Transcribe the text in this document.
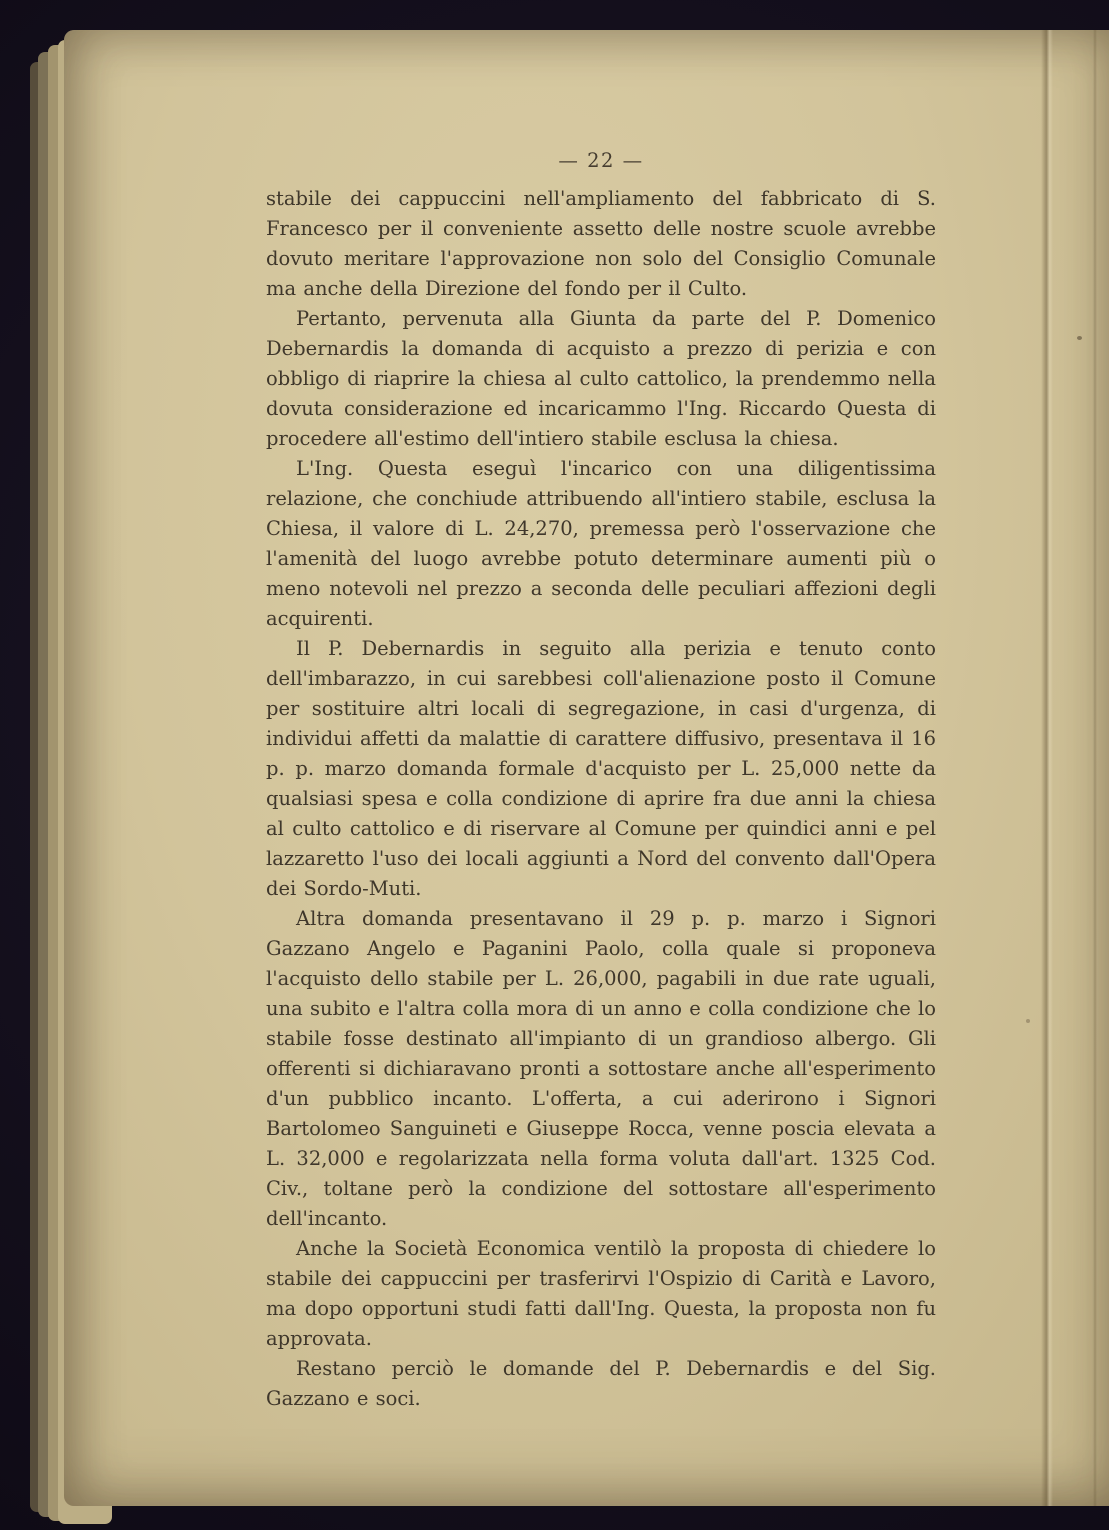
— 22 —

stabile dei cappuccini nell'ampliamento del fabbricato di S. Francesco per il conveniente assetto delle nostre scuole avrebbe dovuto meritare l'approvazione non solo del Consiglio Comunale ma anche della Direzione del fondo per il Culto.

Pertanto, pervenuta alla Giunta da parte del P. Domenico Debernardis la domanda di acquisto a prezzo di perizia e con obbligo di riaprire la chiesa al culto cattolico, la prendemmo nella dovuta considerazione ed incaricammo l'Ing. Riccardo Questa di procedere all'estimo dell'intiero stabile esclusa la chiesa.

L'Ing. Questa eseguì l'incarico con una diligentissima relazione, che conchiude attribuendo all'intiero stabile, esclusa la Chiesa, il valore di L. 24,270, premessa però l'osservazione che l'amenità del luogo avrebbe potuto determinare aumenti più o meno notevoli nel prezzo a seconda delle peculiari affezioni degli acquirenti.

Il P. Debernardis in seguito alla perizia e tenuto conto dell'imbarazzo, in cui sarebbesi coll'alienazione posto il Comune per sostituire altri locali di segregazione, in casi d'urgenza, di individui affetti da malattie di carattere diffusivo, presentava il 16 p. p. marzo domanda formale d'acquisto per L. 25,000 nette da qualsiasi spesa e colla condizione di aprire fra due anni la chiesa al culto cattolico e di riservare al Comune per quindici anni e pel lazzaretto l'uso dei locali aggiunti a Nord del convento dall'Opera dei Sordo-Muti.

Altra domanda presentavano il 29 p. p. marzo i Signori Gazzano Angelo e Paganini Paolo, colla quale si proponeva l'acquisto dello stabile per L. 26,000, pagabili in due rate uguali, una subito e l'altra colla mora di un anno e colla condizione che lo stabile fosse destinato all'impianto di un grandioso albergo. Gli offerenti si dichiaravano pronti a sottostare anche all'esperimento d'un pubblico incanto. L'offerta, a cui aderirono i Signori Bartolomeo Sanguineti e Giuseppe Rocca, venne poscia elevata a L. 32,000 e regolarizzata nella forma voluta dall'art. 1325 Cod. Civ., toltane però la condizione del sottostare all'esperimento dell'incanto.

Anche la Società Economica ventilò la proposta di chiedere lo stabile dei cappuccini per trasferirvi l'Ospizio di Carità e Lavoro, ma dopo opportuni studi fatti dall'Ing. Questa, la proposta non fu approvata.

Restano perciò le domande del P. Debernardis e del Sig. Gazzano e soci.
